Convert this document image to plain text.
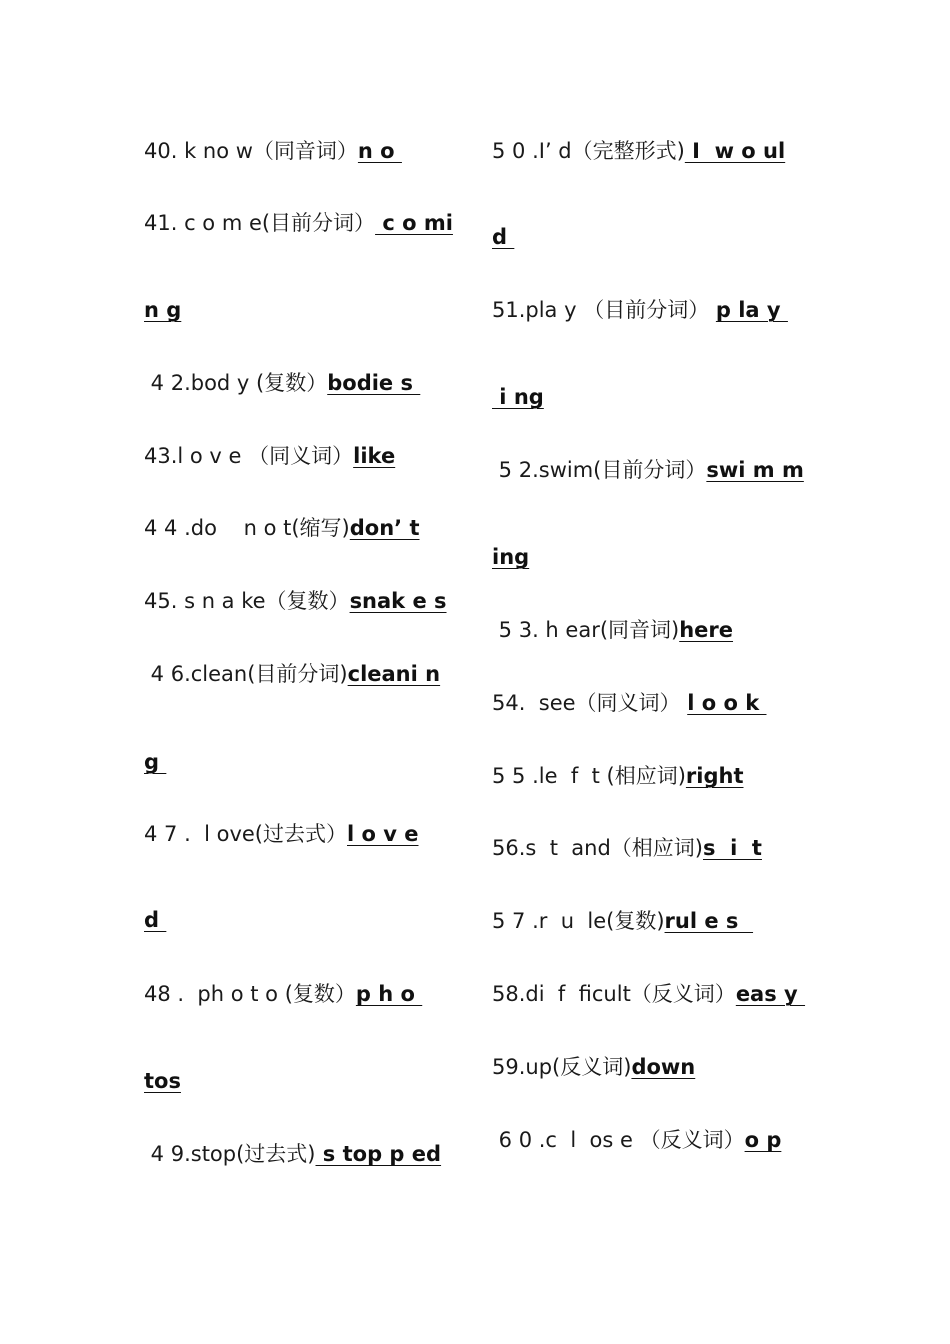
40. k no w（同音词）n o
41. c o m e(目前分词） c o mi
n g
4 2.bod y (复数）bodie s
43.l o v e （同义词）like
4 4 .do    n o t(缩写)don’ t
45. s n a ke（复数）snak e s
4 6.clean(目前分词)cleani n
g
4 7 .  l ove(过去式）l o v e
d
48 .  ph o t o (复数）p h o
tos
4 9.stop(过去式) s top p ed
5 0 .I’ d（完整形式) I  w o ul
d
51.pla y （目前分词） p la y
i ng
5 2.swim(目前分词）swi m m
ing
5 3. h ear(同音词)here
54.  see（同义词） l o o k
5 5 .le  f  t (相应词)right
56.s  t  and（相应词)s  i  t
5 7 .r  u  le(复数)rul e s
58.di  f  ficult（反义词）eas y
59.up(反义词)down
6 0 .c  l  os e （反义词）o p
